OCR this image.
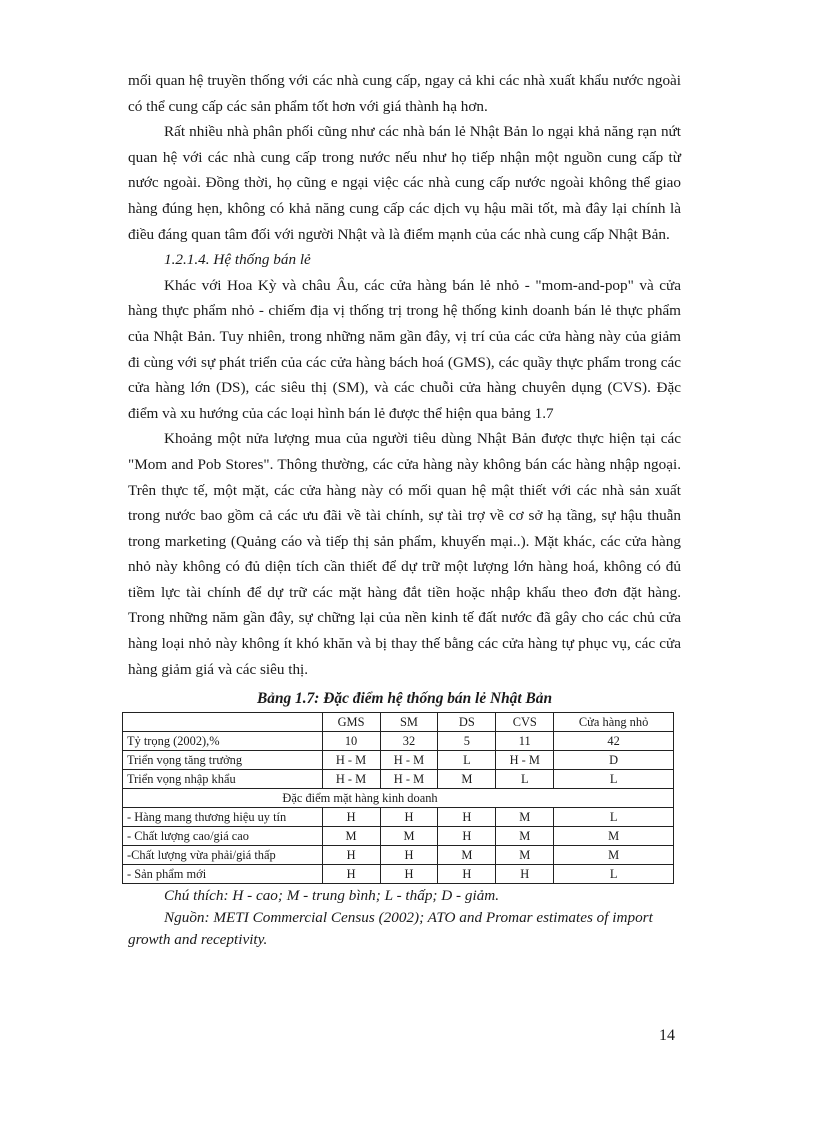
mối quan hệ truyền thống với các nhà cung cấp, ngay cả khi các nhà xuất khẩu nước ngoài có thể cung cấp các sản phẩm tốt hơn với giá thành hạ hơn.

Rất nhiều nhà phân phối cũng như các nhà bán lẻ Nhật Bản lo ngại khả năng rạn nứt quan hệ với các nhà cung cấp trong nước nếu như họ tiếp nhận một nguồn cung cấp từ nước ngoài. Đồng thời, họ cũng e ngại việc các nhà cung cấp nước ngoài không thể giao hàng đúng hẹn, không có khả năng cung cấp các dịch vụ hậu mãi tốt, mà đây lại chính là điều đáng quan tâm đối với người Nhật và là điểm mạnh của các nhà cung cấp Nhật Bản.

1.2.1.4. Hệ thống bán lẻ

Khác với Hoa Kỳ và châu Âu, các cửa hàng bán lẻ nhỏ - "mom-and-pop" và cửa hàng thực phẩm nhỏ - chiếm địa vị thống trị trong hệ thống kinh doanh bán lẻ thực phẩm của Nhật Bản. Tuy nhiên, trong những năm gần đây, vị trí của các cửa hàng này của giảm đi cùng với sự phát triển của các cửa hàng bách hoá (GMS), các quầy thực phẩm trong các cửa hàng lớn (DS), các siêu thị (SM), và các chuỗi cửa hàng chuyên dụng (CVS). Đặc điểm và xu hướng của các loại hình bán lẻ được thể hiện qua bảng 1.7

Khoảng một nửa lượng mua của người tiêu dùng Nhật Bản được thực hiện tại các "Mom and Pob Stores". Thông thường, các cửa hàng này không bán các hàng nhập ngoại. Trên thực tế, một mặt, các cửa hàng này có mối quan hệ mật thiết với các nhà sản xuất trong nước bao gồm cả các ưu đãi về tài chính, sự tài trợ về cơ sở hạ tầng, sự hậu thuẫn trong marketing (Quảng cáo và tiếp thị sản phẩm, khuyến mại..). Mặt khác, các cửa hàng nhỏ này không có đủ diện tích cần thiết để dự trữ một lượng lớn hàng hoá, không có đủ tiềm lực tài chính để dự trữ các mặt hàng đắt tiền hoặc nhập khẩu theo đơn đặt hàng. Trong những năm gần đây, sự chững lại của nền kinh tế đất nước đã gây cho các chủ cửa hàng loại nhỏ này không ít khó khăn và bị thay thế bằng các cửa hàng tự phục vụ, các cửa hàng giảm giá và các siêu thị.

Bảng 1.7: Đặc điểm hệ thống bán lẻ Nhật Bản
	GMS	SM	DS	CVS	Cửa hàng nhỏ
Tỷ trọng (2002),%	10	32	5	11	42
Triển vọng tăng trưởng	H - M	H - M	L	H - M	D
Triển vọng nhập khẩu	H - M	H - M	M	L	L
Đặc điểm mặt hàng kinh doanh					
- Hàng mang thương hiệu uy tín	H	H	H	M	L
- Chất lượng cao/giá cao	M	M	H	M	M
-Chất lượng vừa phải/giá thấp	H	H	M	M	M
- Sản phẩm mới	H	H	H	H	L
Chú thích: H - cao; M - trung bình; L - thấp; D - giảm.
Nguồn: METI Commercial Census (2002); ATO and Promar estimates of import growth and receptivity.
14
